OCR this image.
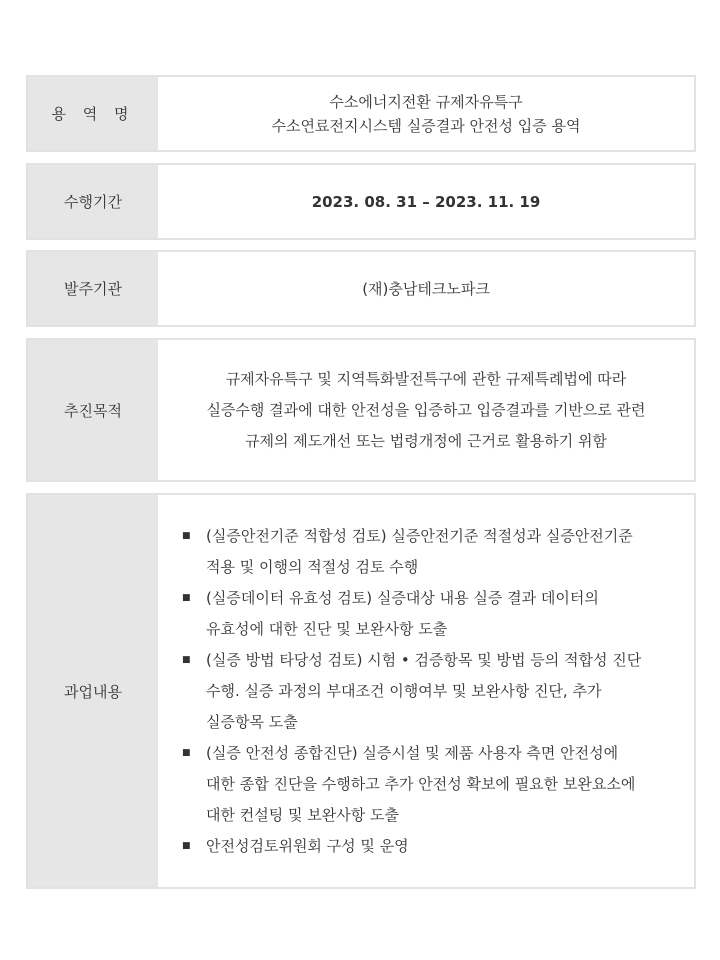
용 역 명
수소에너지전환 규제자유특구
수소연료전지시스템 실증결과 안전성 입증 용역
수행기간	2023. 08. 31 – 2023. 11. 19
발주기관	(재)충남테크노파크
추진목적
규제자유특구 및 지역특화발전특구에 관한 규제특례법에 따라
실증수행 결과에 대한 안전성을 입증하고 입증결과를 기반으로 관련
규제의 제도개선 또는 법령개정에 근거로 활용하기 위함
과업내용
■ (실증안전기준 적합성 검토) 실증안전기준 적절성과 실증안전기준
적용 및 이행의 적절성 검토 수행
■ (실증데이터 유효성 검토) 실증대상 내용 실증 결과 데이터의
유효성에 대한 진단 및 보완사항 도출
■ (실증 방법 타당성 검토) 시험 • 검증항목 및 방법 등의 적합성 진단
수행. 실증 과정의 부대조건 이행여부 및 보완사항 진단, 추가
실증항목 도출
■ (실증 안전성 종합진단) 실증시설 및 제품 사용자 측면 안전성에
대한 종합 진단을 수행하고 추가 안전성 확보에 필요한 보완요소에
대한 컨설팅 및 보완사항 도출
■ 안전성검토위원회 구성 및 운영
